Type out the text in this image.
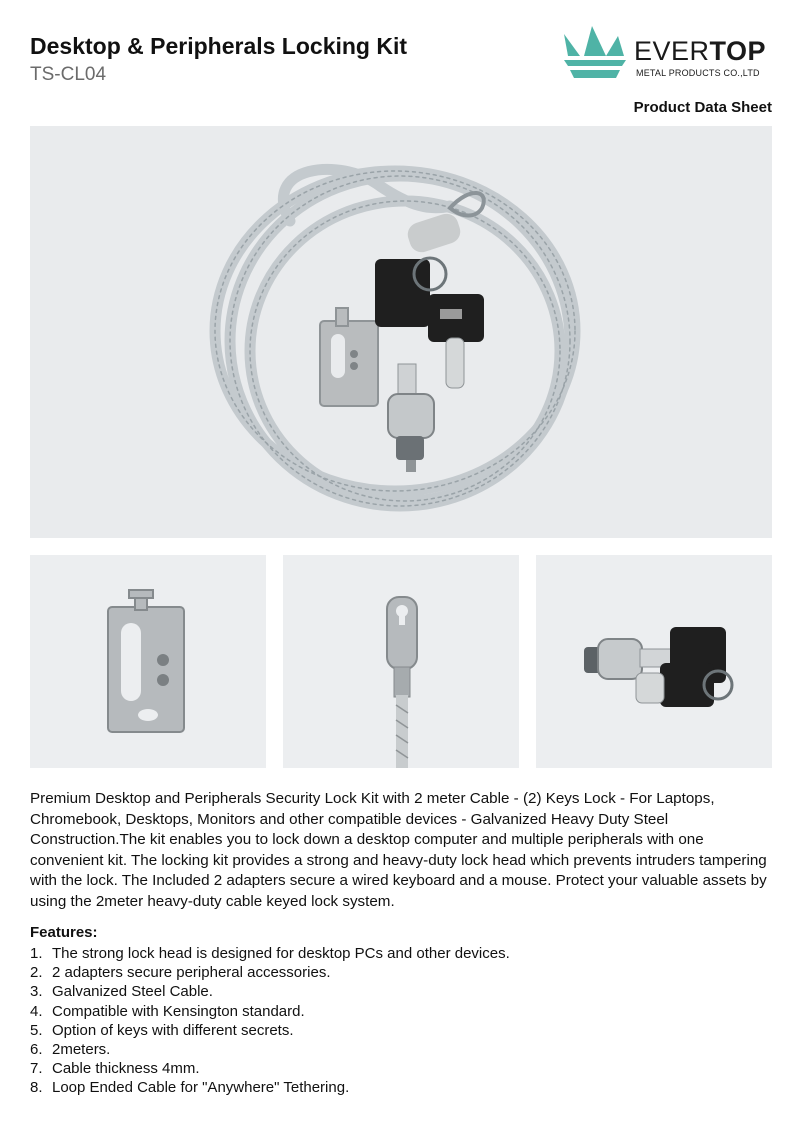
Desktop & Peripherals Locking Kit
TS-CL04
EVERTOP
METAL PRODUCTS CO.,LTD
Product Data Sheet
Premium Desktop and Peripherals Security Lock Kit with 2 meter Cable - (2) Keys Lock - For Laptops, Chromebook, Desktops, Monitors and other compatible devices - Galvanized Heavy Duty Steel Construction.The kit enables you to lock down a desktop computer and multiple peripherals with one convenient kit. The locking kit provides a strong and heavy-duty lock head which prevents intruders tampering with the lock. The Included 2 adapters secure a wired keyboard and a mouse. Protect your valuable assets by using the 2meter heavy-duty cable keyed lock system.
Features:
1. The strong lock head is designed for desktop PCs and other devices.
2. 2 adapters secure peripheral accessories.
3. Galvanized Steel Cable.
4. Compatible with Kensington standard.
5. Option of keys with different secrets.
6. 2meters.
7. Cable thickness 4mm.
8. Loop Ended Cable for "Anywhere" Tethering.
